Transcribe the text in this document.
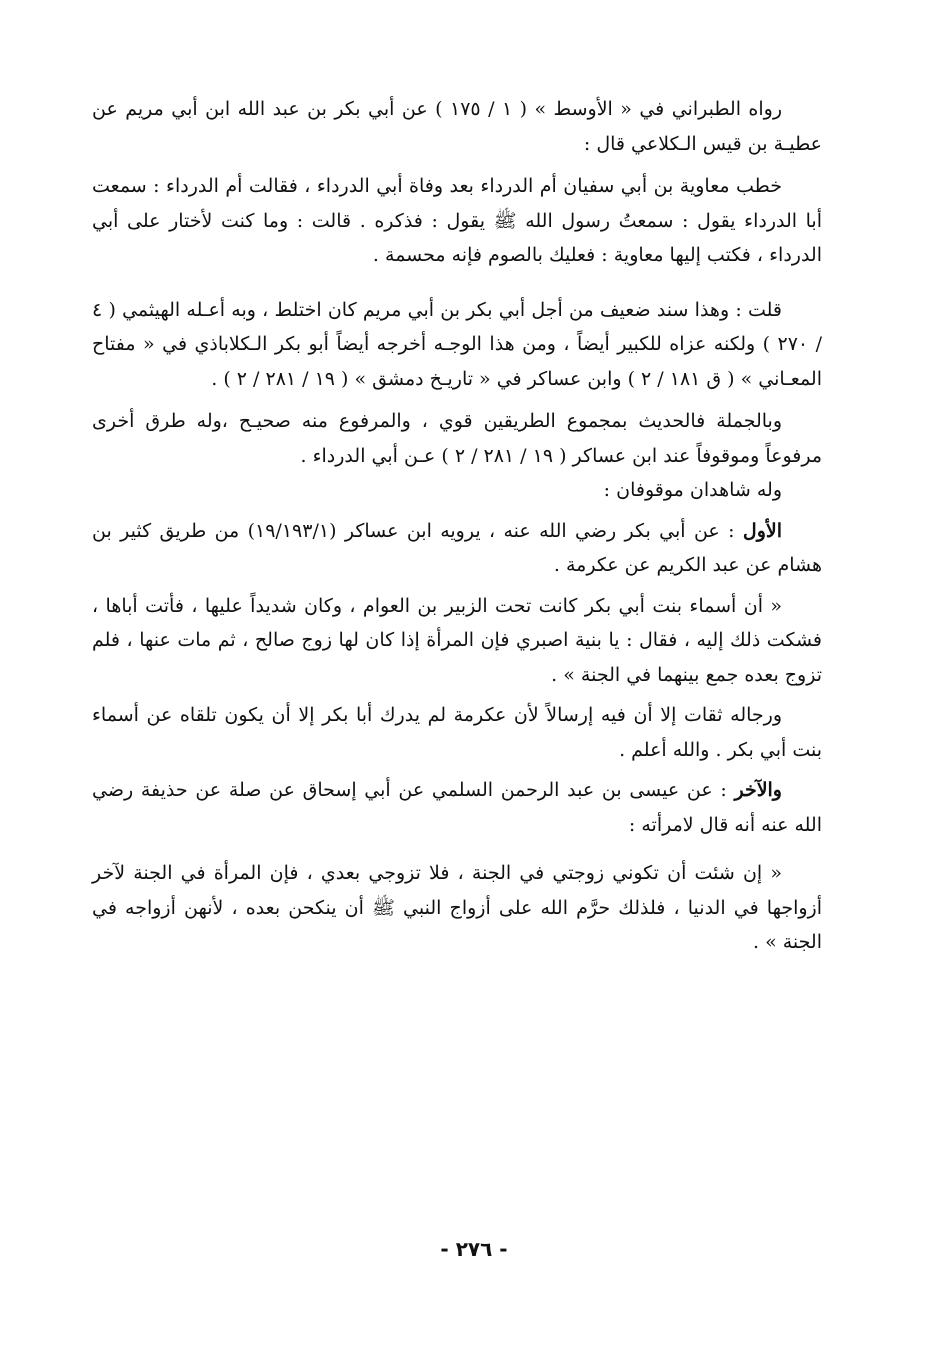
رواه الطبراني في « الأوسط » ( ١ / ١٧٥ ) عن أبي بكر بن عبد الله ابن أبي مريم عن عطيـة بن قيس الـكلاعي قال :

خطب معاوية بن أبي سفيان أم الدرداء بعد وفاة أبي الدرداء ، فقالت أم الدرداء : سمعت أبا الدرداء يقول : سمعتُ رسول الله ﷺ يقول : فذكره . قالت : وما كنت لأختار على أبي الدرداء ، فكتب إليها معاوية : فعليك بالصوم فإنه محسمة .

قلت : وهذا سند ضعيف من أجل أبي بكر بن أبي مريم كان اختلط ، وبه أعـله الهيثمي ( ٤ / ٢٧٠ ) ولكنه عزاه للكبير أيضاً ، ومن هذا الوجـه أخرجه أيضاً أبو بكر الـكلاباذي في « مفتاح المعـاني » ( ق ١٨١ / ٢ ) وابن عساكر في « تاريـخ دمشق » ( ١٩ / ٢٨١ / ٢ ) .

وبالجملة فالحديث بمجموع الطريقين قوي ، والمرفوع منه صحيـح ،وله طرق أخرى مرفوعاً وموقوفاً عند ابن عساكر ( ١٩ / ٢٨١ / ٢ ) عـن أبي الدرداء .

وله شاهدان موقوفان :

الأول : عن أبي بكر رضي الله عنه ، يرويه ابن عساكر (١٩/١٩٣/١) من طريق كثير بن هشام عن عبد الكريم عن عكرمة .

« أن أسماء بنت أبي بكر كانت تحت الزبير بن العوام ، وكان شديداً عليها ، فأتت أباها ، فشكت ذلك إليه ، فقال : يا بنية اصبري فإن المرأة إذا كان لها زوج صالح ، ثم مات عنها ، فلم تزوج بعده جمع بينهما في الجنة » .

ورجاله ثقات إلا أن فيه إرسالاً لأن عكرمة لم يدرك أبا بكر إلا أن يكون تلقاه عن أسماء بنت أبي بكر . والله أعلم .

والآخر : عن عيسى بن عبد الرحمن السلمي عن أبي إسحاق عن صلة عن حذيفة رضي الله عنه أنه قال لامرأته :

« إن شئت أن تكوني زوجتي في الجنة ، فلا تزوجي بعدي ، فإن المرأة في الجنة لآخر أزواجها في الدنيا ، فلذلك حرَّم الله على أزواج النبي ﷺ أن ينكحن بعده ، لأنهن أزواجه في الجنة » .

- ٢٧٦ -
